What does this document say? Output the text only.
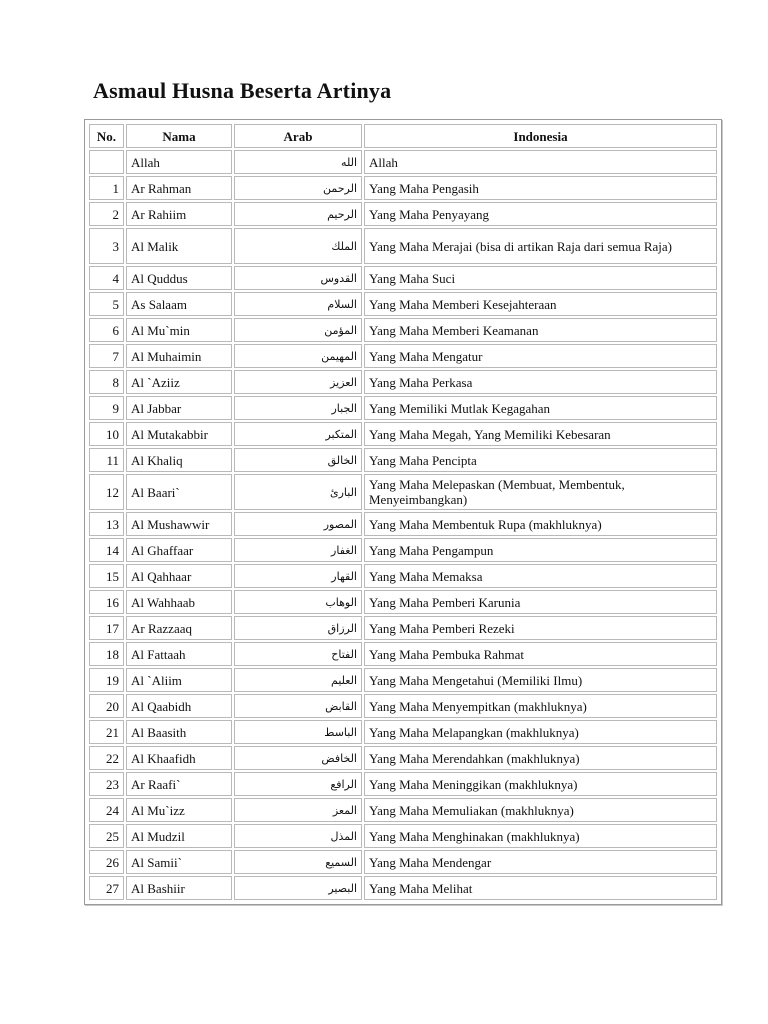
Asmaul Husna Beserta Artinya
No.	Nama	Arab	Indonesia
	Allah	الله	Allah
1	Ar Rahman	الرحمن	Yang Maha Pengasih
2	Ar Rahiim	الرحيم	Yang Maha Penyayang
3	Al Malik	الملك	Yang Maha Merajai (bisa di artikan Raja dari semua Raja)
4	Al Quddus	القدوس	Yang Maha Suci
5	As Salaam	السلام	Yang Maha Memberi Kesejahteraan
6	Al Mu`min	المؤمن	Yang Maha Memberi Keamanan
7	Al Muhaimin	المهيمن	Yang Maha Mengatur
8	Al `Aziiz	العزيز	Yang Maha Perkasa
9	Al Jabbar	الجبار	Yang Memiliki Mutlak Kegagahan
10	Al Mutakabbir	المتكبر	Yang Maha Megah, Yang Memiliki Kebesaran
11	Al Khaliq	الخالق	Yang Maha Pencipta
12	Al Baari`	البارئ	Yang Maha Melepaskan (Membuat, Membentuk, Menyeimbangkan)
13	Al Mushawwir	المصور	Yang Maha Membentuk Rupa (makhluknya)
14	Al Ghaffaar	الغفار	Yang Maha Pengampun
15	Al Qahhaar	القهار	Yang Maha Memaksa
16	Al Wahhaab	الوهاب	Yang Maha Pemberi Karunia
17	Ar Razzaaq	الرزاق	Yang Maha Pemberi Rezeki
18	Al Fattaah	الفتاح	Yang Maha Pembuka Rahmat
19	Al `Aliim	العليم	Yang Maha Mengetahui (Memiliki Ilmu)
20	Al Qaabidh	القابض	Yang Maha Menyempitkan (makhluknya)
21	Al Baasith	الباسط	Yang Maha Melapangkan (makhluknya)
22	Al Khaafidh	الخافض	Yang Maha Merendahkan (makhluknya)
23	Ar Raafi`	الرافع	Yang Maha Meninggikan (makhluknya)
24	Al Mu`izz	المعز	Yang Maha Memuliakan (makhluknya)
25	Al Mudzil	المذل	Yang Maha Menghinakan (makhluknya)
26	Al Samii`	السميع	Yang Maha Mendengar
27	Al Bashiir	البصير	Yang Maha Melihat
